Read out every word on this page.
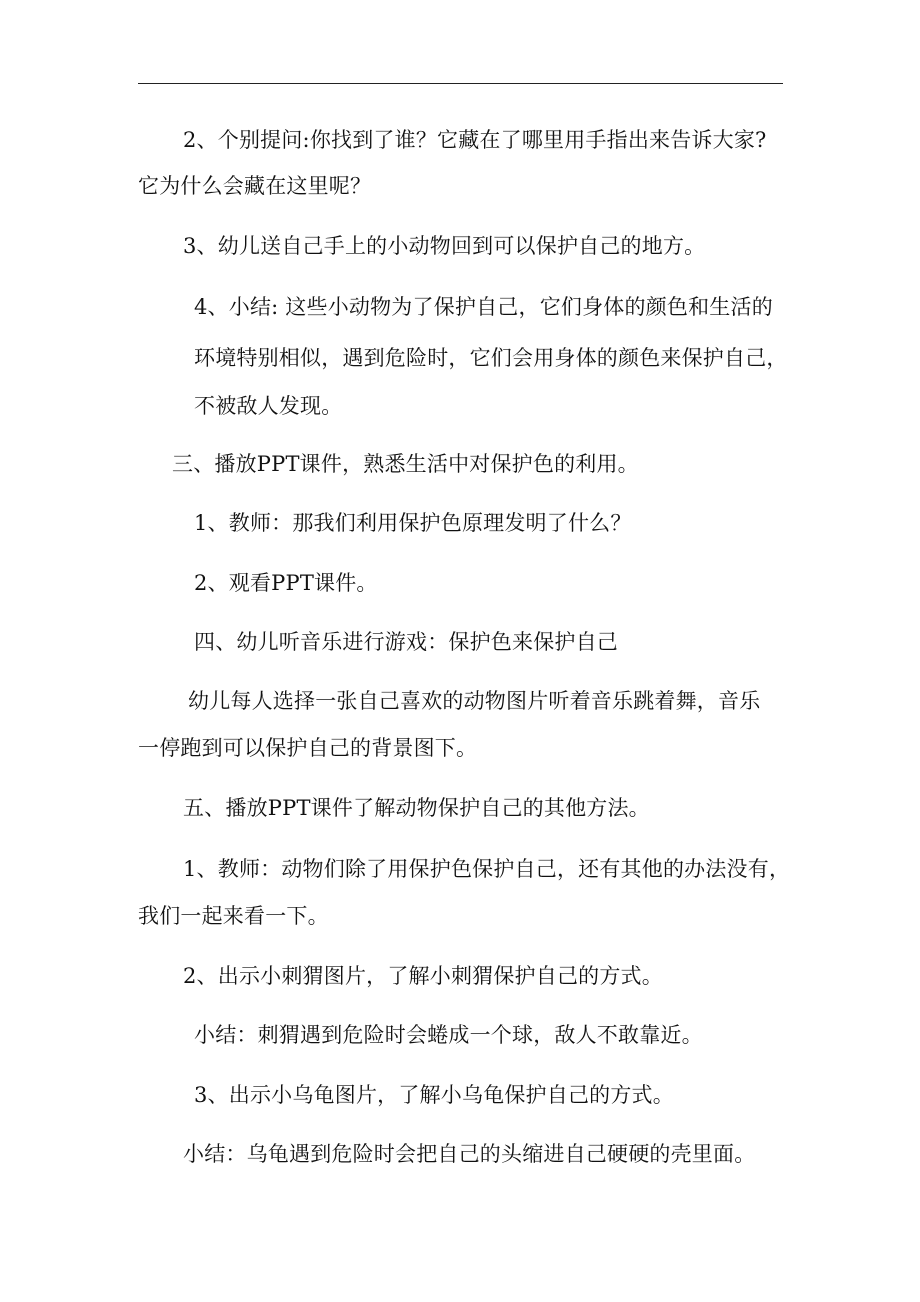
2、个别提问:你找到了谁？它藏在了哪里用手指出来告诉大家?
它为什么会藏在这里呢？
3、幼儿送自己手上的小动物回到可以保护自己的地方。
4、小结: 这些小动物为了保护自己，它们身体的颜色和生活的
环境特别相似，遇到危险时，它们会用身体的颜色来保护自己，
不被敌人发现。
三、播放PPT课件，熟悉生活中对保护色的利用。
1、教师：那我们利用保护色原理发明了什么？
2、观看PPT课件。
四、幼儿听音乐进行游戏：保护色来保护自己
幼儿每人选择一张自己喜欢的动物图片听着音乐跳着舞，音乐
一停跑到可以保护自己的背景图下。
五、播放PPT课件了解动物保护自己的其他方法。
1、教师：动物们除了用保护色保护自己，还有其他的办法没有，
我们一起来看一下。
2、出示小刺猬图片，了解小刺猬保护自己的方式。
小结：刺猬遇到危险时会蜷成一个球，敌人不敢靠近。
3、出示小乌龟图片，了解小乌龟保护自己的方式。
小结：乌龟遇到危险时会把自己的头缩进自己硬硬的壳里面。
